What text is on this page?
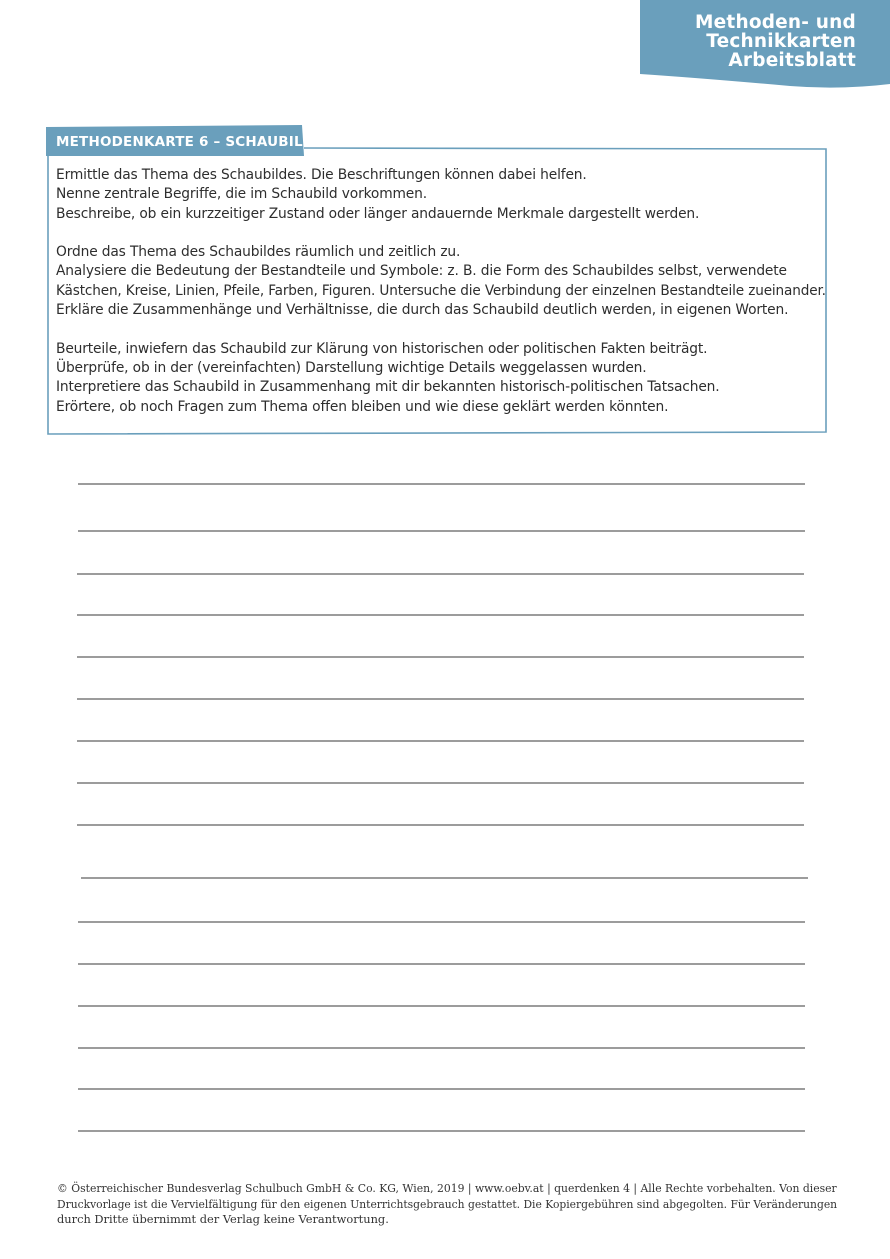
Methoden- und
Technikkarten
Arbeitsblatt
METHODENKARTE 6 – SCHAUBILD
Ermittle das Thema des Schaubildes. Die Beschriftungen können dabei helfen.
Nenne zentrale Begriffe, die im Schaubild vorkommen.
Beschreibe, ob ein kurzzeitiger Zustand oder länger andauernde Merkmale dargestellt werden.
Ordne das Thema des Schaubildes räumlich und zeitlich zu.
Analysiere die Bedeutung der Bestandteile und Symbole: z. B. die Form des Schaubildes selbst, verwendete
Kästchen, Kreise, Linien, Pfeile, Farben, Figuren. Untersuche die Verbindung der einzelnen Bestandteile zueinander.
Erkläre die Zusammenhänge und Verhältnisse, die durch das Schaubild deutlich werden, in eigenen Worten.
Beurteile, inwiefern das Schaubild zur Klärung von historischen oder politischen Fakten beiträgt.
Überprüfe, ob in der (vereinfachten) Darstellung wichtige Details weggelassen wurden.
Interpretiere das Schaubild in Zusammenhang mit dir bekannten historisch-politischen Tatsachen.
Erörtere, ob noch Fragen zum Thema offen bleiben und wie diese geklärt werden könnten.
© Österreichischer Bundesverlag Schulbuch GmbH & Co. KG, Wien, 2019 | www.oebv.at | querdenken 4 | Alle Rechte vorbehalten. Von dieser Druckvorlage ist die Vervielfältigung für den eigenen Unterrichtsgebrauch gestattet. Die Kopiergebühren sind abgegolten. Für Veränderungen
durch Dritte übernimmt der Verlag keine Verantwortung.
